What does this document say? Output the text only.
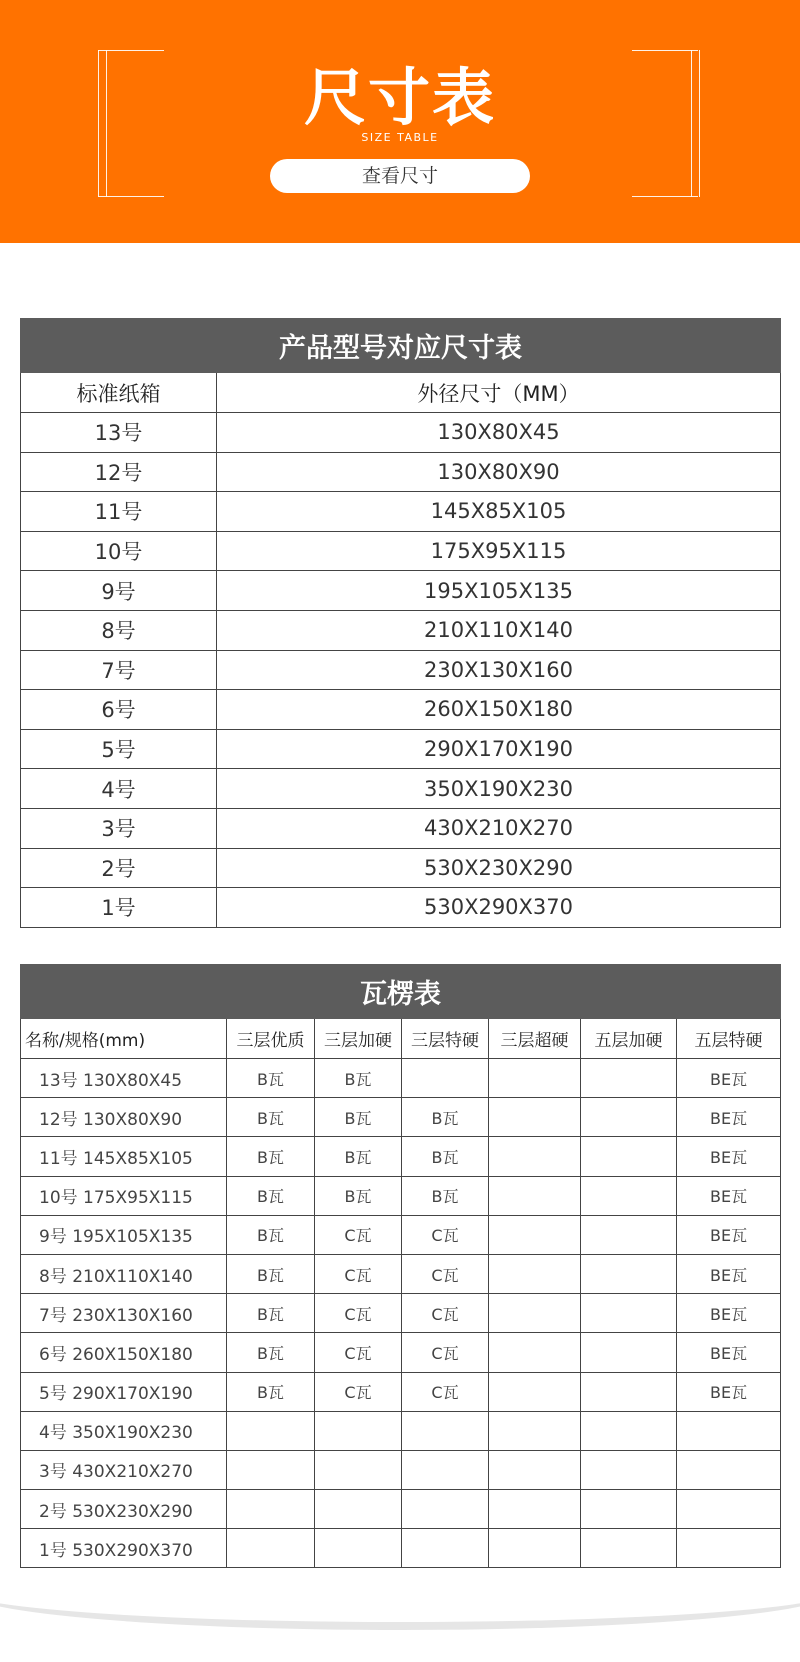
尺寸表
SIZE TABLE
查看尺寸
产品型号对应尺寸表	
标准纸箱	外径尺寸（MM）
13号	130X80X45
12号	130X80X90
11号	145X85X105
10号	175X95X115
9号	195X105X135
8号	210X110X140
7号	230X130X160
6号	260X150X180
5号	290X170X190
4号	350X190X230
3号	430X210X270
2号	530X230X290
1号	530X290X370
瓦楞表						
名称/规格(mm)	三层优质	三层加硬	三层特硬	三层超硬	五层加硬	五层特硬
13号 130X80X45	B瓦	B瓦				BE瓦
12号 130X80X90	B瓦	B瓦	B瓦			BE瓦
11号 145X85X105	B瓦	B瓦	B瓦			BE瓦
10号 175X95X115	B瓦	B瓦	B瓦			BE瓦
9号 195X105X135	B瓦	C瓦	C瓦			BE瓦
8号 210X110X140	B瓦	C瓦	C瓦			BE瓦
7号 230X130X160	B瓦	C瓦	C瓦			BE瓦
6号 260X150X180	B瓦	C瓦	C瓦			BE瓦
5号 290X170X190	B瓦	C瓦	C瓦			BE瓦
4号 350X190X230						
3号 430X210X270						
2号 530X230X290						
1号 530X290X370						
